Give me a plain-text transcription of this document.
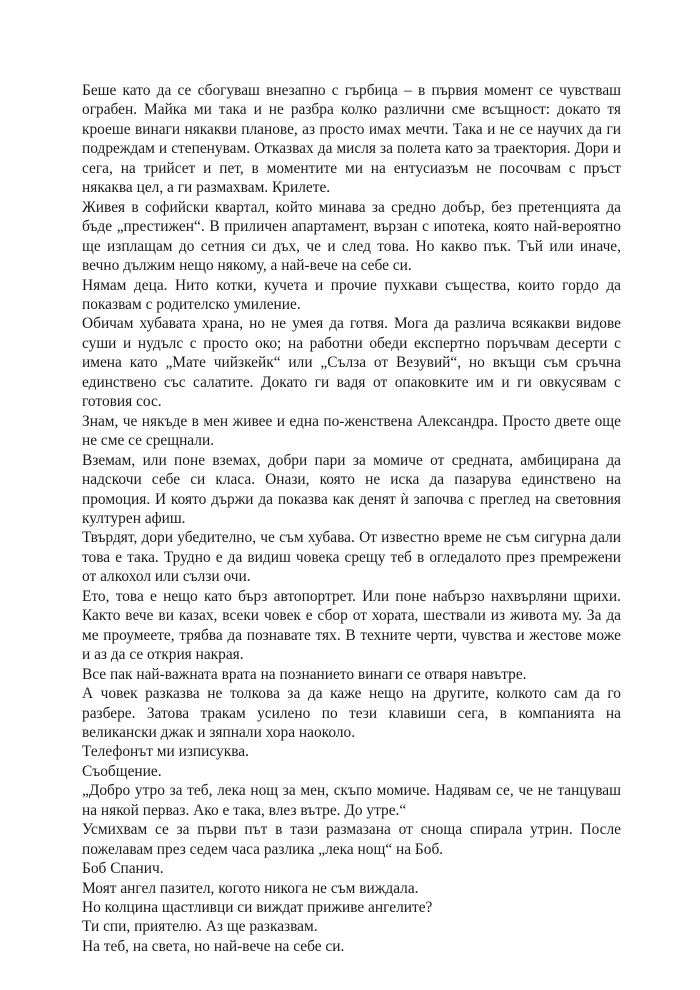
Беше като да се сбогуваш внезапно с гърбица – в първия момент се чувстваш ограбен. Майка ми така и не разбра колко различни сме всъщност: докато тя кроеше винаги някакви планове, аз просто имах мечти. Така и не се научих да ги подреждам и степенувам. Отказвах да мисля за полета като за траектория. Дори и сега, на трийсет и пет, в моментите ми на ентусиазъм не посочвам с пръст някаква цел, а ги размахвам. Крилете.

Живея в софийски квартал, който минава за средно добър, без претенцията да бъде „престижен“. В приличен апартамент, вързан с ипотека, която най-вероятно ще изплащам до сетния си дъх, че и след това. Но какво пък. Тъй или иначе, вечно дължим нещо някому, а най-вече на себе си.

Нямам деца. Нито котки, кучета и прочие пухкави същества, които гордо да показвам с родителско умиление.

Обичам хубавата храна, но не умея да готвя. Мога да различа всякакви видове суши и нудълс с просто око; на работни обеди експертно поръчвам десерти с имена като „Мате чийзкейк“ или „Сълза от Везувий“, но вкъщи съм сръчна единствено със салатите. Докато ги вадя от опаковките им и ги овкусявам с готовия сос.

Знам, че някъде в мен живее и една по-женствена Александра. Просто двете още не сме се срещнали.

Вземам, или поне вземах, добри пари за момиче от средната, амбицирана да надскочи себе си класа. Онази, която не иска да пазарува единствено на промоция. И която държи да показва как денят ѝ започва с преглед на световния културен афиш.

Твърдят, дори убедително, че съм хубава. От известно време не съм сигурна дали това е така. Трудно е да видиш човека срещу теб в огледалото през премрежени от алкохол или сълзи очи.

Ето, това е нещо като бърз автопортрет. Или поне набързо нахвърляни щрихи. Както вече ви казах, всеки човек е сбор от хората, шествали из живота му. За да ме проумеете, трябва да познавате тях. В техните черти, чувства и жестове може и аз да се открия накрая.

Все пак най-важната врата на познанието винаги се отваря навътре.

А човек разказва не толкова за да каже нещо на другите, колкото сам да го разбере. Затова тракам усилено по тези клавиши сега, в компанията на великански джак и зяпнали хора наоколо.

Телефонът ми изписуква.

Съобщение.

„Добро утро за теб, лека нощ за мен, скъпо момиче. Надявам се, че не танцуваш на някой перваз. Ако е така, влез вътре. До утре.“

Усмихвам се за първи път в тази размазана от сноща спирала утрин. После пожелавам през седем часа разлика „лека нощ“ на Боб.

Боб Спанич.

Моят ангел пазител, когото никога не съм виждала.

Но колцина щастливци си виждат приживе ангелите?

Ти спи, приятелю. Аз ще разказвам.

На теб, на света, но най-вече на себе си.
